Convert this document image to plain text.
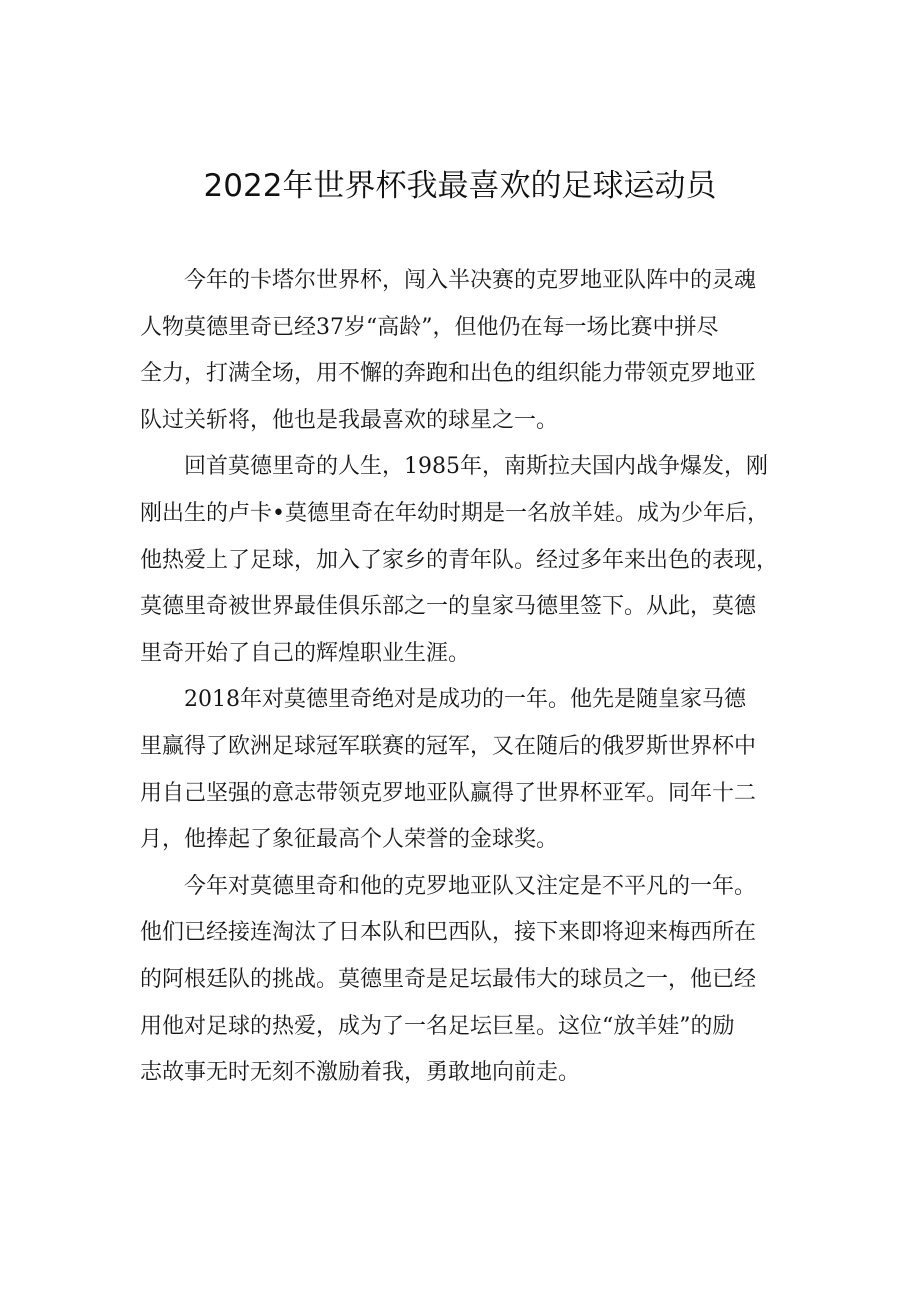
2022年世界杯我最喜欢的足球运动员

今年的卡塔尔世界杯，闯入半决赛的克罗地亚队阵中的灵魂
人物莫德里奇已经37岁“高龄”，但他仍在每一场比赛中拼尽
全力，打满全场，用不懈的奔跑和出色的组织能力带领克罗地亚
队过关斩将，他也是我最喜欢的球星之一。

回首莫德里奇的人生，1985年，南斯拉夫国内战争爆发，刚
刚出生的卢卡•莫德里奇在年幼时期是一名放羊娃。成为少年后，
他热爱上了足球，加入了家乡的青年队。经过多年来出色的表现，
莫德里奇被世界最佳俱乐部之一的皇家马德里签下。从此，莫德
里奇开始了自己的辉煌职业生涯。

2018年对莫德里奇绝对是成功的一年。他先是随皇家马德
里赢得了欧洲足球冠军联赛的冠军，又在随后的俄罗斯世界杯中
用自己坚强的意志带领克罗地亚队赢得了世界杯亚军。同年十二
月，他捧起了象征最高个人荣誉的金球奖。

今年对莫德里奇和他的克罗地亚队又注定是不平凡的一年。
他们已经接连淘汰了日本队和巴西队，接下来即将迎来梅西所在
的阿根廷队的挑战。莫德里奇是足坛最伟大的球员之一，他已经
用他对足球的热爱，成为了一名足坛巨星。这位“放羊娃”的励
志故事无时无刻不激励着我，勇敢地向前走。
